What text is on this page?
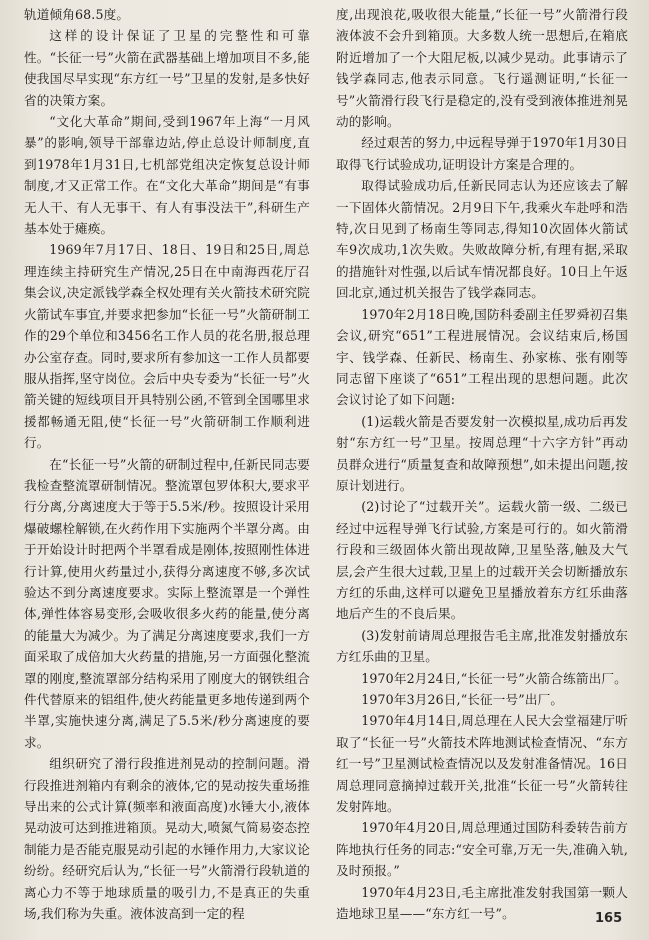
轨道倾角68.5度。

这样的设计保证了卫星的完整性和可靠性。“长征一号”火箭在武器基础上增加项目不多,能使我国尽早实现“东方红一号”卫星的发射,是多快好省的决策方案。

“文化大革命”期间,受到1967年上海“一月风暴”的影响,领导干部靠边站,停止总设计师制度,直到1978年1月31日,七机部党组决定恢复总设计师制度,才又正常工作。在“文化大革命”期间是“有事无人干、有人无事干、有人有事没法干”,科研生产基本处于瘫痪。

1969年7月17日、18日、19日和25日,周总理连续主持研究生产情况,25日在中南海西花厅召集会议,决定派钱学森全权处理有关火箭技术研究院火箭试车事宜,并要求把参加“长征一号”火箭研制工作的29个单位和3456名工作人员的花名册,报总理办公室存查。同时,要求所有参加这一工作人员都要服从指挥,坚守岗位。会后中央专委为“长征一号”火箭关键的短线项目开具特别公函,不管到全国哪里求援都畅通无阻,使“长征一号”火箭研制工作顺利进行。

在“长征一号”火箭的研制过程中,任新民同志要我检查整流罩研制情况。整流罩包罗体积大,要求平行分离,分离速度大于等于5.5米/秒。按照设计采用爆破螺栓解锁,在火药作用下实施两个半罩分离。由于开始设计时把两个半罩看成是刚体,按照刚性体进行计算,使用火药量过小,获得分离速度不够,多次试验达不到分离速度要求。实际上整流罩是一个弹性体,弹性体容易变形,会吸收很多火药的能量,使分离的能量大为减少。为了满足分离速度要求,我们一方面采取了成倍加大火药量的措施,另一方面强化整流罩的刚度,整流罩部分结构采用了刚度大的钢铁组合件代替原来的铝组件,使火药能量更多地传递到两个半罩,实施快速分离,满足了5.5米/秒分离速度的要求。

组织研究了滑行段推进剂晃动的控制问题。滑行段推进剂箱内有剩余的液体,它的晃动按失重场推导出来的公式计算(频率和液面高度)水锤大小,液体晃动波可达到推进箱顶。晃动大,喷氮气简易姿态控制能力是否能克服晃动引起的水锤作用力,大家议论纷纷。经研究后认为,“长征一号”火箭滑行段轨道的离心力不等于地球质量的吸引力,不是真正的失重场,我们称为失重。液体波高到一定的程

度,出现浪花,吸收很大能量,“长征一号”火箭滑行段液体波不会升到箱顶。大多数人统一思想后,在箱底附近增加了一个大阻尼板,以减少晃动。此事请示了钱学森同志,他表示同意。飞行遥测证明,“长征一号”火箭滑行段飞行是稳定的,没有受到液体推进剂晃动的影响。

经过艰苦的努力,中远程导弹于1970年1月30日取得飞行试验成功,证明设计方案是合理的。

取得试验成功后,任新民同志认为还应该去了解一下固体火箭情况。2月9日下午,我乘火车赴呼和浩特,次日见到了杨南生等同志,得知10次固体火箭试车9次成功,1次失败。失败故障分析,有理有据,采取的措施针对性强,以后试车情况都良好。10日上午返回北京,通过机关报告了钱学森同志。

1970年2月18日晚,国防科委副主任罗舜初召集会议,研究“651”工程进展情况。会议结束后,杨国宇、钱学森、任新民、杨南生、孙家栋、张有刚等同志留下座谈了“651”工程出现的思想问题。此次会议讨论了如下问题:

(1)运载火箭是否要发射一次模拟星,成功后再发射“东方红一号”卫星。按周总理“十六字方针”再动员群众进行“质量复查和故障预想”,如未提出问题,按原计划进行。

(2)讨论了“过载开关”。运载火箭一级、二级已经过中远程导弹飞行试验,方案是可行的。如火箭滑行段和三级固体火箭出现故障,卫星坠落,触及大气层,会产生很大过载,卫星上的过载开关会切断播放东方红的乐曲,这样可以避免卫星播放着东方红乐曲落地后产生的不良后果。

(3)发射前请周总理报告毛主席,批准发射播放东方红乐曲的卫星。

1970年2月24日,“长征一号”火箭合练箭出厂。

1970年3月26日,“长征一号”出厂。

1970年4月14日,周总理在人民大会堂福建厅听取了“长征一号”火箭技术阵地测试检查情况、“东方红一号”卫星测试检查情况以及发射准备情况。16日周总理同意摘掉过载开关,批准“长征一号”火箭转往发射阵地。

1970年4月20日,周总理通过国防科委转告前方阵地执行任务的同志:“安全可靠,万无一失,准确入轨,及时预报。”

1970年4月23日,毛主席批准发射我国第一颗人造地球卫星——“东方红一号”。	165
